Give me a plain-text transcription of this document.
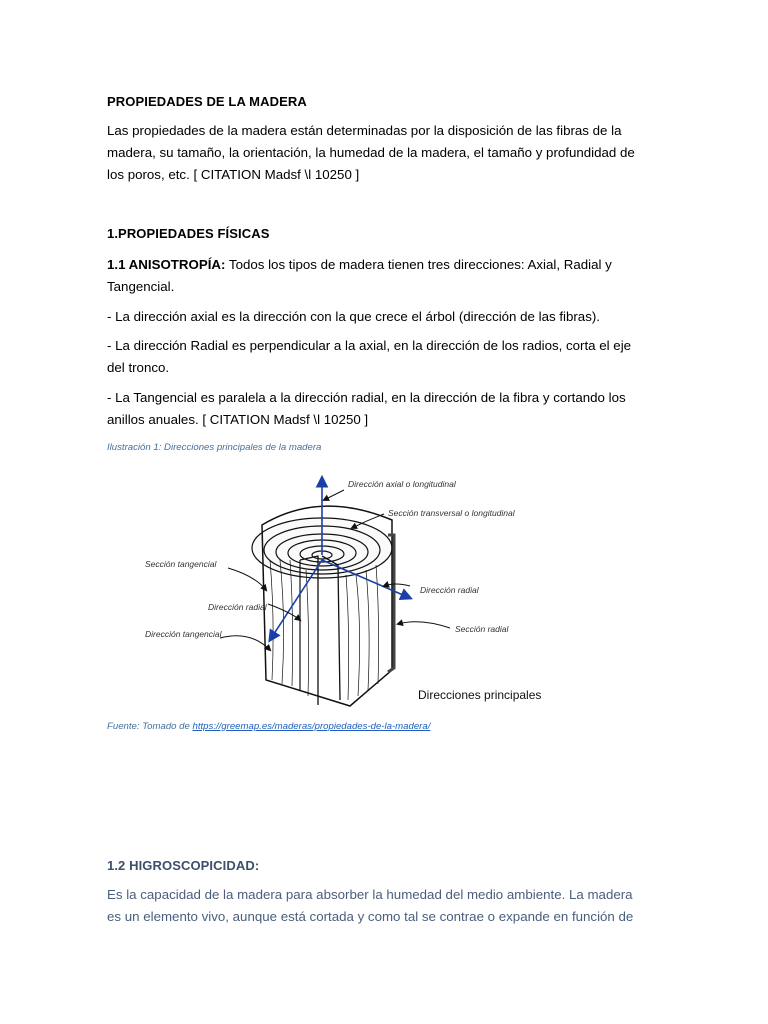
PROPIEDADES DE LA MADERA
Las propiedades de la madera están determinadas por la disposición de las fibras de la
madera, su tamaño, la orientación, la humedad de la madera, el tamaño y profundidad de
los poros, etc. [ CITATION Madsf \l 10250 ]
1.PROPIEDADES FÍSICAS
1.1 ANISOTROPÍA: Todos los tipos de madera tienen tres direcciones: Axial, Radial y
Tangencial.
- La dirección axial es la dirección con la que crece el árbol (dirección de las fibras).
- La dirección Radial es perpendicular a la axial, en la dirección de los radios, corta el eje
del tronco.
- La Tangencial es paralela a la dirección radial, en la dirección de la fibra y cortando los
anillos anuales. [ CITATION Madsf \l 10250 ]
Ilustración 1: Direcciones principales de la madera
Fuente: Tomado de https://greemap.es/maderas/propiedades-de-la-madera/
1.2 HIGROSCOPICIDAD:
Es la capacidad de la madera para absorber la humedad del medio ambiente. La madera
es un elemento vivo, aunque está cortada y como tal se contrae o expande en función de
Dirección axial o longitudinal
Sección transversal o longitudinal
Sección tangencial
Dirección radial
Dirección radial
Dirección tangencial	Sección radial
Direcciones principales
